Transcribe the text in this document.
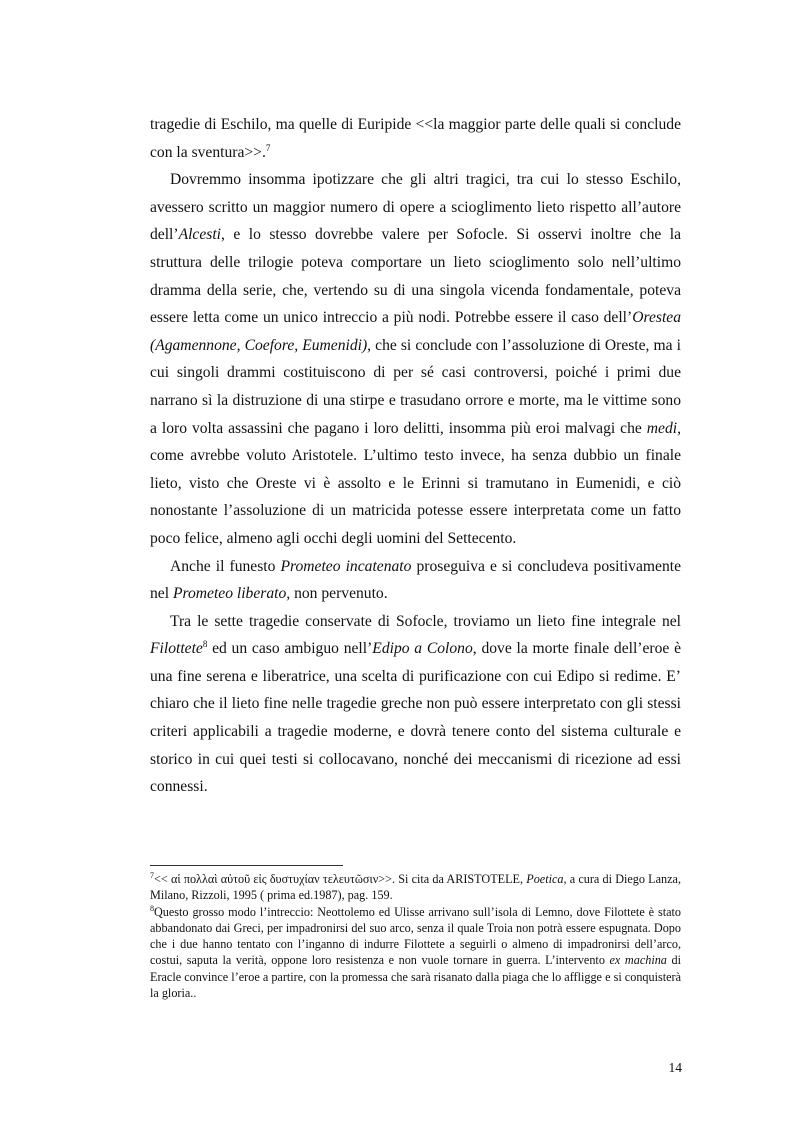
tragedie di Eschilo, ma quelle di Euripide <<la maggior parte delle quali si conclude con la sventura>>.$^7$

Dovremmo insomma ipotizzare che gli altri tragici, tra cui lo stesso Eschilo, avessero scritto un maggior numero di opere a scioglimento lieto rispetto all’autore dell’Alcesti, e lo stesso dovrebbe valere per Sofocle. Si osservi inoltre che la struttura delle trilogie poteva comportare un lieto scioglimento solo nell’ultimo dramma della serie, che, vertendo su di una singola vicenda fondamentale, poteva essere letta come un unico intreccio a più nodi. Potrebbe essere il caso dell’Orestea (Agamennone, Coefore, Eumenidi), che si conclude con l’assoluzione di Oreste, ma i cui singoli drammi costituiscono di per sé casi controversi, poiché i primi due narrano sì la distruzione di una stirpe e trasudano orrore e morte, ma le vittime sono a loro volta assassini che pagano i loro delitti, insomma più eroi malvagi che medi, come avrebbe voluto Aristotele. L’ultimo testo invece, ha senza dubbio un finale lieto, visto che Oreste vi è assolto e le Erinni si tramutano in Eumenidi, e ciò nonostante l’assoluzione di un matricida potesse essere interpretata come un fatto poco felice, almeno agli occhi degli uomini del Settecento.

Anche il funesto Prometeo incatenato proseguiva e si concludeva positivamente nel Prometeo liberato, non pervenuto.

Tra le sette tragedie conservate di Sofocle, troviamo un lieto fine integrale nel Filottete$^8$ ed un caso ambiguo nell’Edipo a Colono, dove la morte finale dell’eroe è una fine serena e liberatrice, una scelta di purificazione con cui Edipo si redime. E’ chiaro che il lieto fine nelle tragedie greche non può essere interpretato con gli stessi criteri applicabili a tragedie moderne, e dovrà tenere conto del sistema culturale e storico in cui quei testi si collocavano, nonché dei meccanismi di ricezione ad essi connessi.

$^7$<< αἱ πολλαὶ αὐτοῦ εἰς δυστυχίαν τελευτῶσιν>>. Si cita da ARISTOTELE, Poetica, a cura di Diego Lanza, Milano, Rizzoli, 1995 ( prima ed.1987), pag. 159.

$^8$Questo grosso modo l’intreccio: Neottolemo ed Ulisse arrivano sull’isola di Lemno, dove Filottete è stato abbandonato dai Greci, per impadronirsi del suo arco, senza il quale Troia non potrà essere espugnata. Dopo che i due hanno tentato con l’inganno di indurre Filottete a seguirli o almeno di impadronirsi dell’arco, costui, saputa la verità, oppone loro resistenza e non vuole tornare in guerra. L’intervento ex machina di Eracle convince l’eroe a partire, con la promessa che sarà risanato dalla piaga che lo affligge e si conquisterà la gloria..

14
